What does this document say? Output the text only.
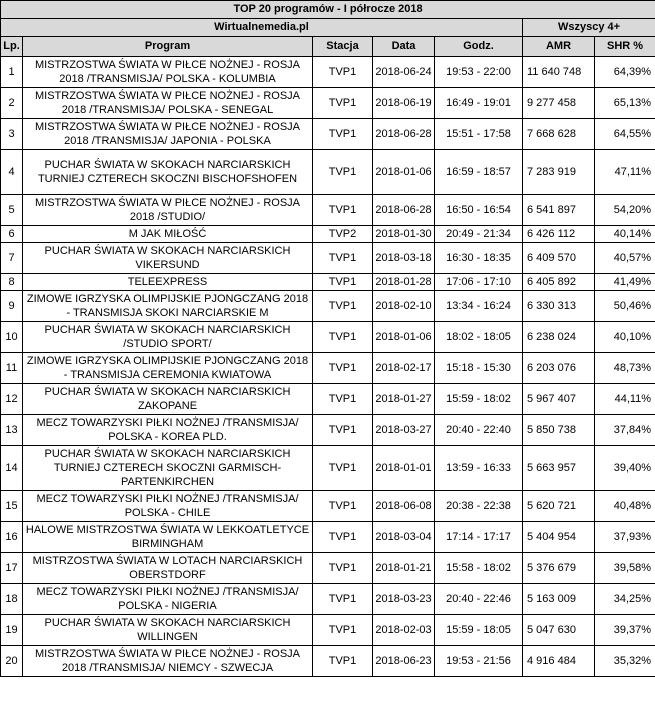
TOP 20 programów - I półrocze 2018						
Wirtualnemedia.pl					Wszyscy 4+	
Lp.	Program	Stacja	Data	Godz.	AMR	SHR %
1	MISTRZOSTWA ŚWIATA W PIŁCE NOŻNEJ - ROSJA 2018 /TRANSMISJA/ POLSKA - KOLUMBIA	TVP1	2018-06-24	19:53 - 22:00	11 640 748	64,39%
2	MISTRZOSTWA ŚWIATA W PIŁCE NOŻNEJ - ROSJA 2018 /TRANSMISJA/ POLSKA - SENEGAL	TVP1	2018-06-19	16:49 - 19:01	9 277 458	65,13%
3	MISTRZOSTWA ŚWIATA W PIŁCE NOŻNEJ - ROSJA 2018 /TRANSMISJA/ JAPONIA - POLSKA	TVP1	2018-06-28	15:51 - 17:58	7 668 628	64,55%
4	PUCHAR ŚWIATA W SKOKACH NARCIARSKICH TURNIEJ CZTERECH SKOCZNI BISCHOFSHOFEN	TVP1	2018-01-06	16:59 - 18:57	7 283 919	47,11%
5	MISTRZOSTWA ŚWIATA W PIŁCE NOŻNEJ - ROSJA 2018 /STUDIO/	TVP1	2018-06-28	16:50 - 16:54	6 541 897	54,20%
6	M JAK MIŁOŚĆ	TVP2	2018-01-30	20:49 - 21:34	6 426 112	40,14%
7	PUCHAR ŚWIATA W SKOKACH NARCIARSKICH VIKERSUND	TVP1	2018-03-18	16:30 - 18:35	6 409 570	40,57%
8	TELEEXPRESS	TVP1	2018-01-28	17:06 - 17:10	6 405 892	41,49%
9	ZIMOWE IGRZYSKA OLIMPIJSKIE PJONGCZANG 2018 - TRANSMISJA SKOKI NARCIARSKIE M	TVP1	2018-02-10	13:34 - 16:24	6 330 313	50,46%
10	PUCHAR ŚWIATA W SKOKACH NARCIARSKICH /STUDIO SPORT/	TVP1	2018-01-06	18:02 - 18:05	6 238 024	40,10%
11	ZIMOWE IGRZYSKA OLIMPIJSKIE PJONGCZANG 2018 - TRANSMISJA CEREMONIA KWIATOWA	TVP1	2018-02-17	15:18 - 15:30	6 203 076	48,73%
12	PUCHAR ŚWIATA W SKOKACH NARCIARSKICH ZAKOPANE	TVP1	2018-01-27	15:59 - 18:02	5 967 407	44,11%
13	MECZ TOWARZYSKI PIŁKI NOŻNEJ /TRANSMISJA/ POLSKA - KOREA PLD.	TVP1	2018-03-27	20:40 - 22:40	5 850 738	37,84%
14	PUCHAR ŚWIATA W SKOKACH NARCIARSKICH TURNIEJ CZTERECH SKOCZNI GARMISCH-PARTENKIRCHEN	TVP1	2018-01-01	13:59 - 16:33	5 663 957	39,40%
15	MECZ TOWARZYSKI PIŁKI NOŻNEJ /TRANSMISJA/ POLSKA - CHILE	TVP1	2018-06-08	20:38 - 22:38	5 620 721	40,48%
16	HALOWE MISTRZOSTWA ŚWIATA W LEKKOATLETYCE BIRMINGHAM	TVP1	2018-03-04	17:14 - 17:17	5 404 954	37,93%
17	MISTRZOSTWA ŚWIATA W LOTACH NARCIARSKICH OBERSTDORF	TVP1	2018-01-21	15:58 - 18:02	5 376 679	39,58%
18	MECZ TOWARZYSKI PIŁKI NOŻNEJ /TRANSMISJA/ POLSKA - NIGERIA	TVP1	2018-03-23	20:40 - 22:46	5 163 009	34,25%
19	PUCHAR ŚWIATA W SKOKACH NARCIARSKICH WILLINGEN	TVP1	2018-02-03	15:59 - 18:05	5 047 630	39,37%
20	MISTRZOSTWA ŚWIATA W PIŁCE NOŻNEJ - ROSJA 2018 /TRANSMISJA/ NIEMCY - SZWECJA	TVP1	2018-06-23	19:53 - 21:56	4 916 484	35,32%
